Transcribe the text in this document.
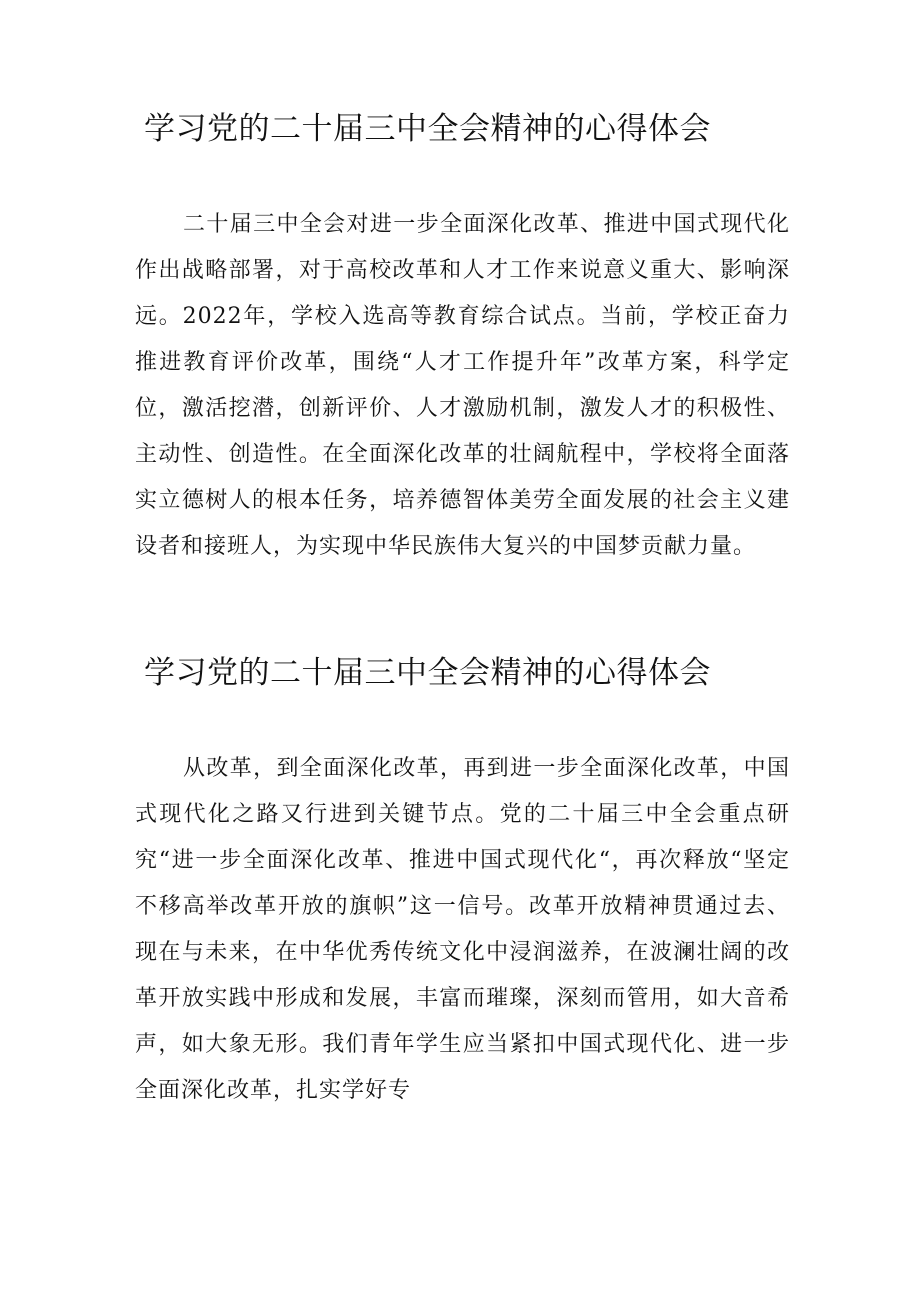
学习党的二十届三中全会精神的心得体会

二十届三中全会对进一步全面深化改革、推进中国式现代化作出战略部署，对于高校改革和人才工作来说意义重大、影响深远。2022年，学校入选高等教育综合试点。当前，学校正奋力推进教育评价改革，围绕“人才工作提升年”改革方案，科学定位，激活挖潜，创新评价、人才激励机制，激发人才的积极性、主动性、创造性。在全面深化改革的壮阔航程中，学校将全面落实立德树人的根本任务，培养德智体美劳全面发展的社会主义建设者和接班人，为实现中华民族伟大复兴的中国梦贡献力量。

学习党的二十届三中全会精神的心得体会

从改革，到全面深化改革，再到进一步全面深化改革，中国式现代化之路又行进到关键节点。党的二十届三中全会重点研究“进一步全面深化改革、推进中国式现代化“，再次释放“坚定不移高举改革开放的旗帜”这一信号。改革开放精神贯通过去、现在与未来，在中华优秀传统文化中浸润滋养，在波澜壮阔的改革开放实践中形成和发展，丰富而璀璨，深刻而管用，如大音希声，如大象无形。我们青年学生应当紧扣中国式现代化、进一步全面深化改革，扎实学好专
